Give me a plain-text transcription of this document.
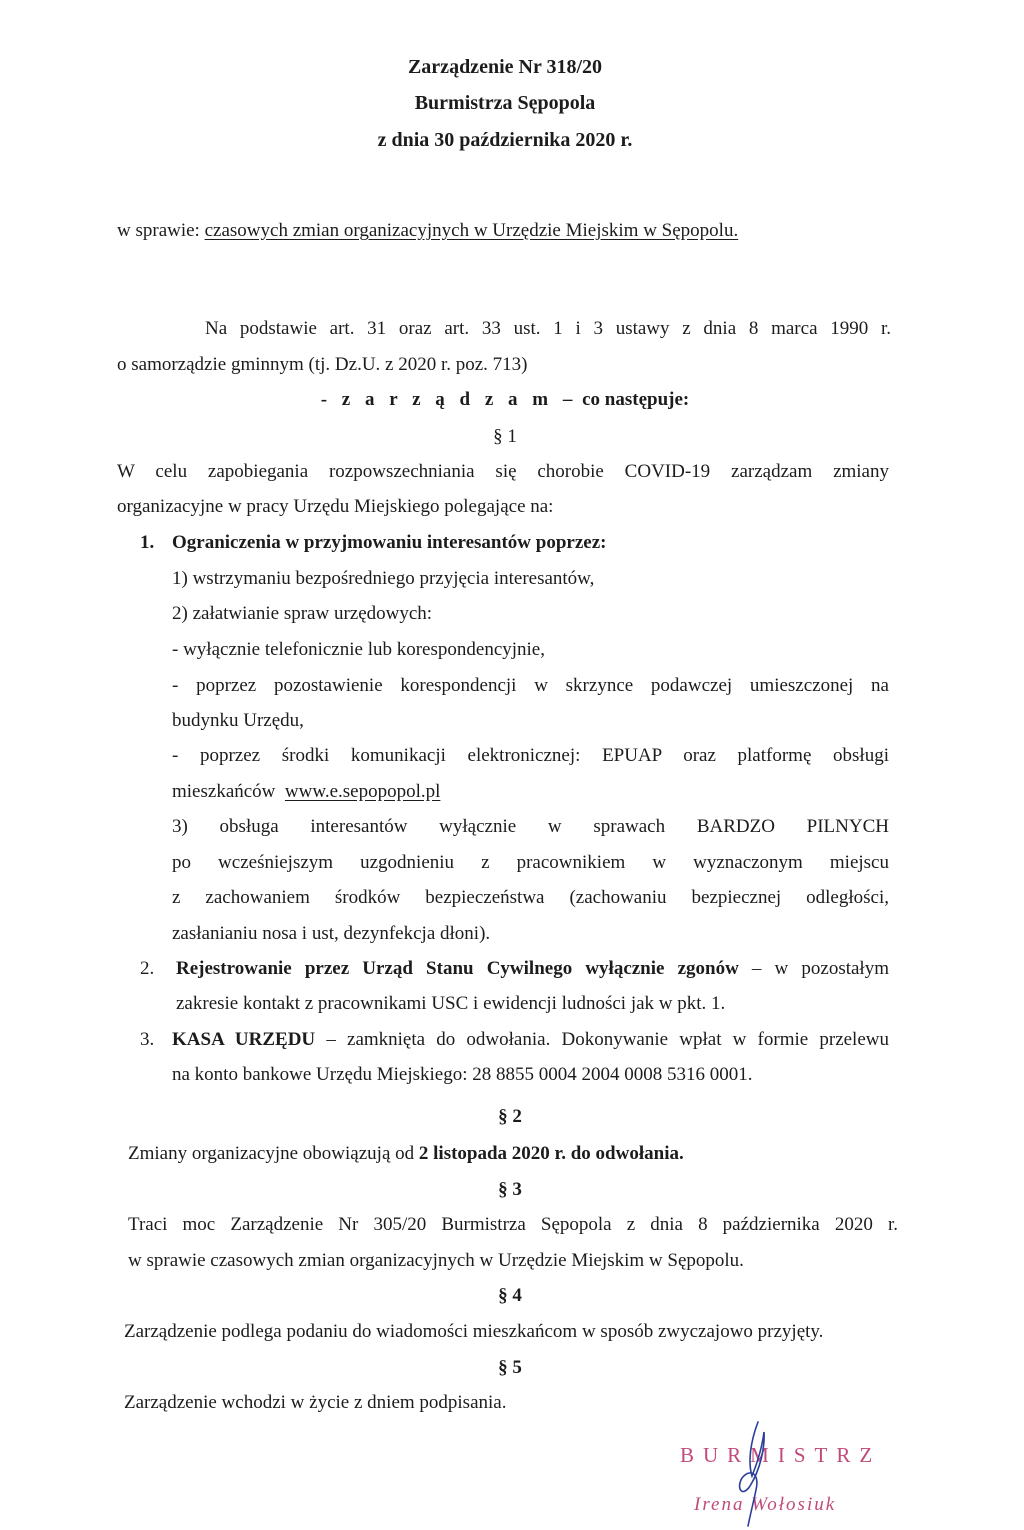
Zarządzenie Nr 318/20
Burmistrza Sępopola
z dnia 30 października 2020 r.
w sprawie: czasowych zmian organizacyjnych w Urzędzie Miejskim w Sępopolu.
Na podstawie art. 31 oraz art. 33 ust. 1 i 3 ustawy z dnia 8 marca 1990 r.
o samorządzie gminnym (tj. Dz.U. z 2020 r. poz. 713)
- z a r z ą d z a m – co następuje:
§ 1
W celu zapobiegania rozpowszechniania się chorobie COVID-19 zarządzam zmiany
organizacyjne w pracy Urzędu Miejskiego polegające na:
1. Ograniczenia w przyjmowaniu interesantów poprzez:
1) wstrzymaniu bezpośredniego przyjęcia interesantów,
2) załatwianie spraw urzędowych:
- wyłącznie telefonicznie lub korespondencyjnie,
- poprzez pozostawienie korespondencji w skrzynce podawczej umieszczonej na
budynku Urzędu,
- poprzez środki komunikacji elektronicznej: EPUAP oraz platformę obsługi
mieszkańców  www.e.sepopopol.pl
3) obsługa interesantów wyłącznie w sprawach BARDZO PILNYCH
po wcześniejszym uzgodnieniu z pracownikiem w wyznaczonym miejscu
z zachowaniem środków bezpieczeństwa (zachowaniu bezpiecznej odległości,
zasłanianiu nosa i ust, dezynfekcja dłoni).
2. Rejestrowanie przez Urząd Stanu Cywilnego wyłącznie zgonów – w pozostałym
zakresie kontakt z pracownikami USC i ewidencji ludności jak w pkt. 1.
3. KASA URZĘDU – zamknięta do odwołania. Dokonywanie wpłat w formie przelewu
na konto bankowe Urzędu Miejskiego: 28 8855 0004 2004 0008 5316 0001.
§ 2
Zmiany organizacyjne obowiązują od 2 listopada 2020 r. do odwołania.
§ 3
Traci moc Zarządzenie Nr 305/20 Burmistrza Sępopola z dnia 8 października 2020 r.
w sprawie czasowych zmian organizacyjnych w Urzędzie Miejskim w Sępopolu.
§ 4
Zarządzenie podlega podaniu do wiadomości mieszkańcom w sposób zwyczajowo przyjęty.
§ 5
Zarządzenie wchodzi w życie z dniem podpisania.
BURMISTRZ
Irena Wołosiuk
